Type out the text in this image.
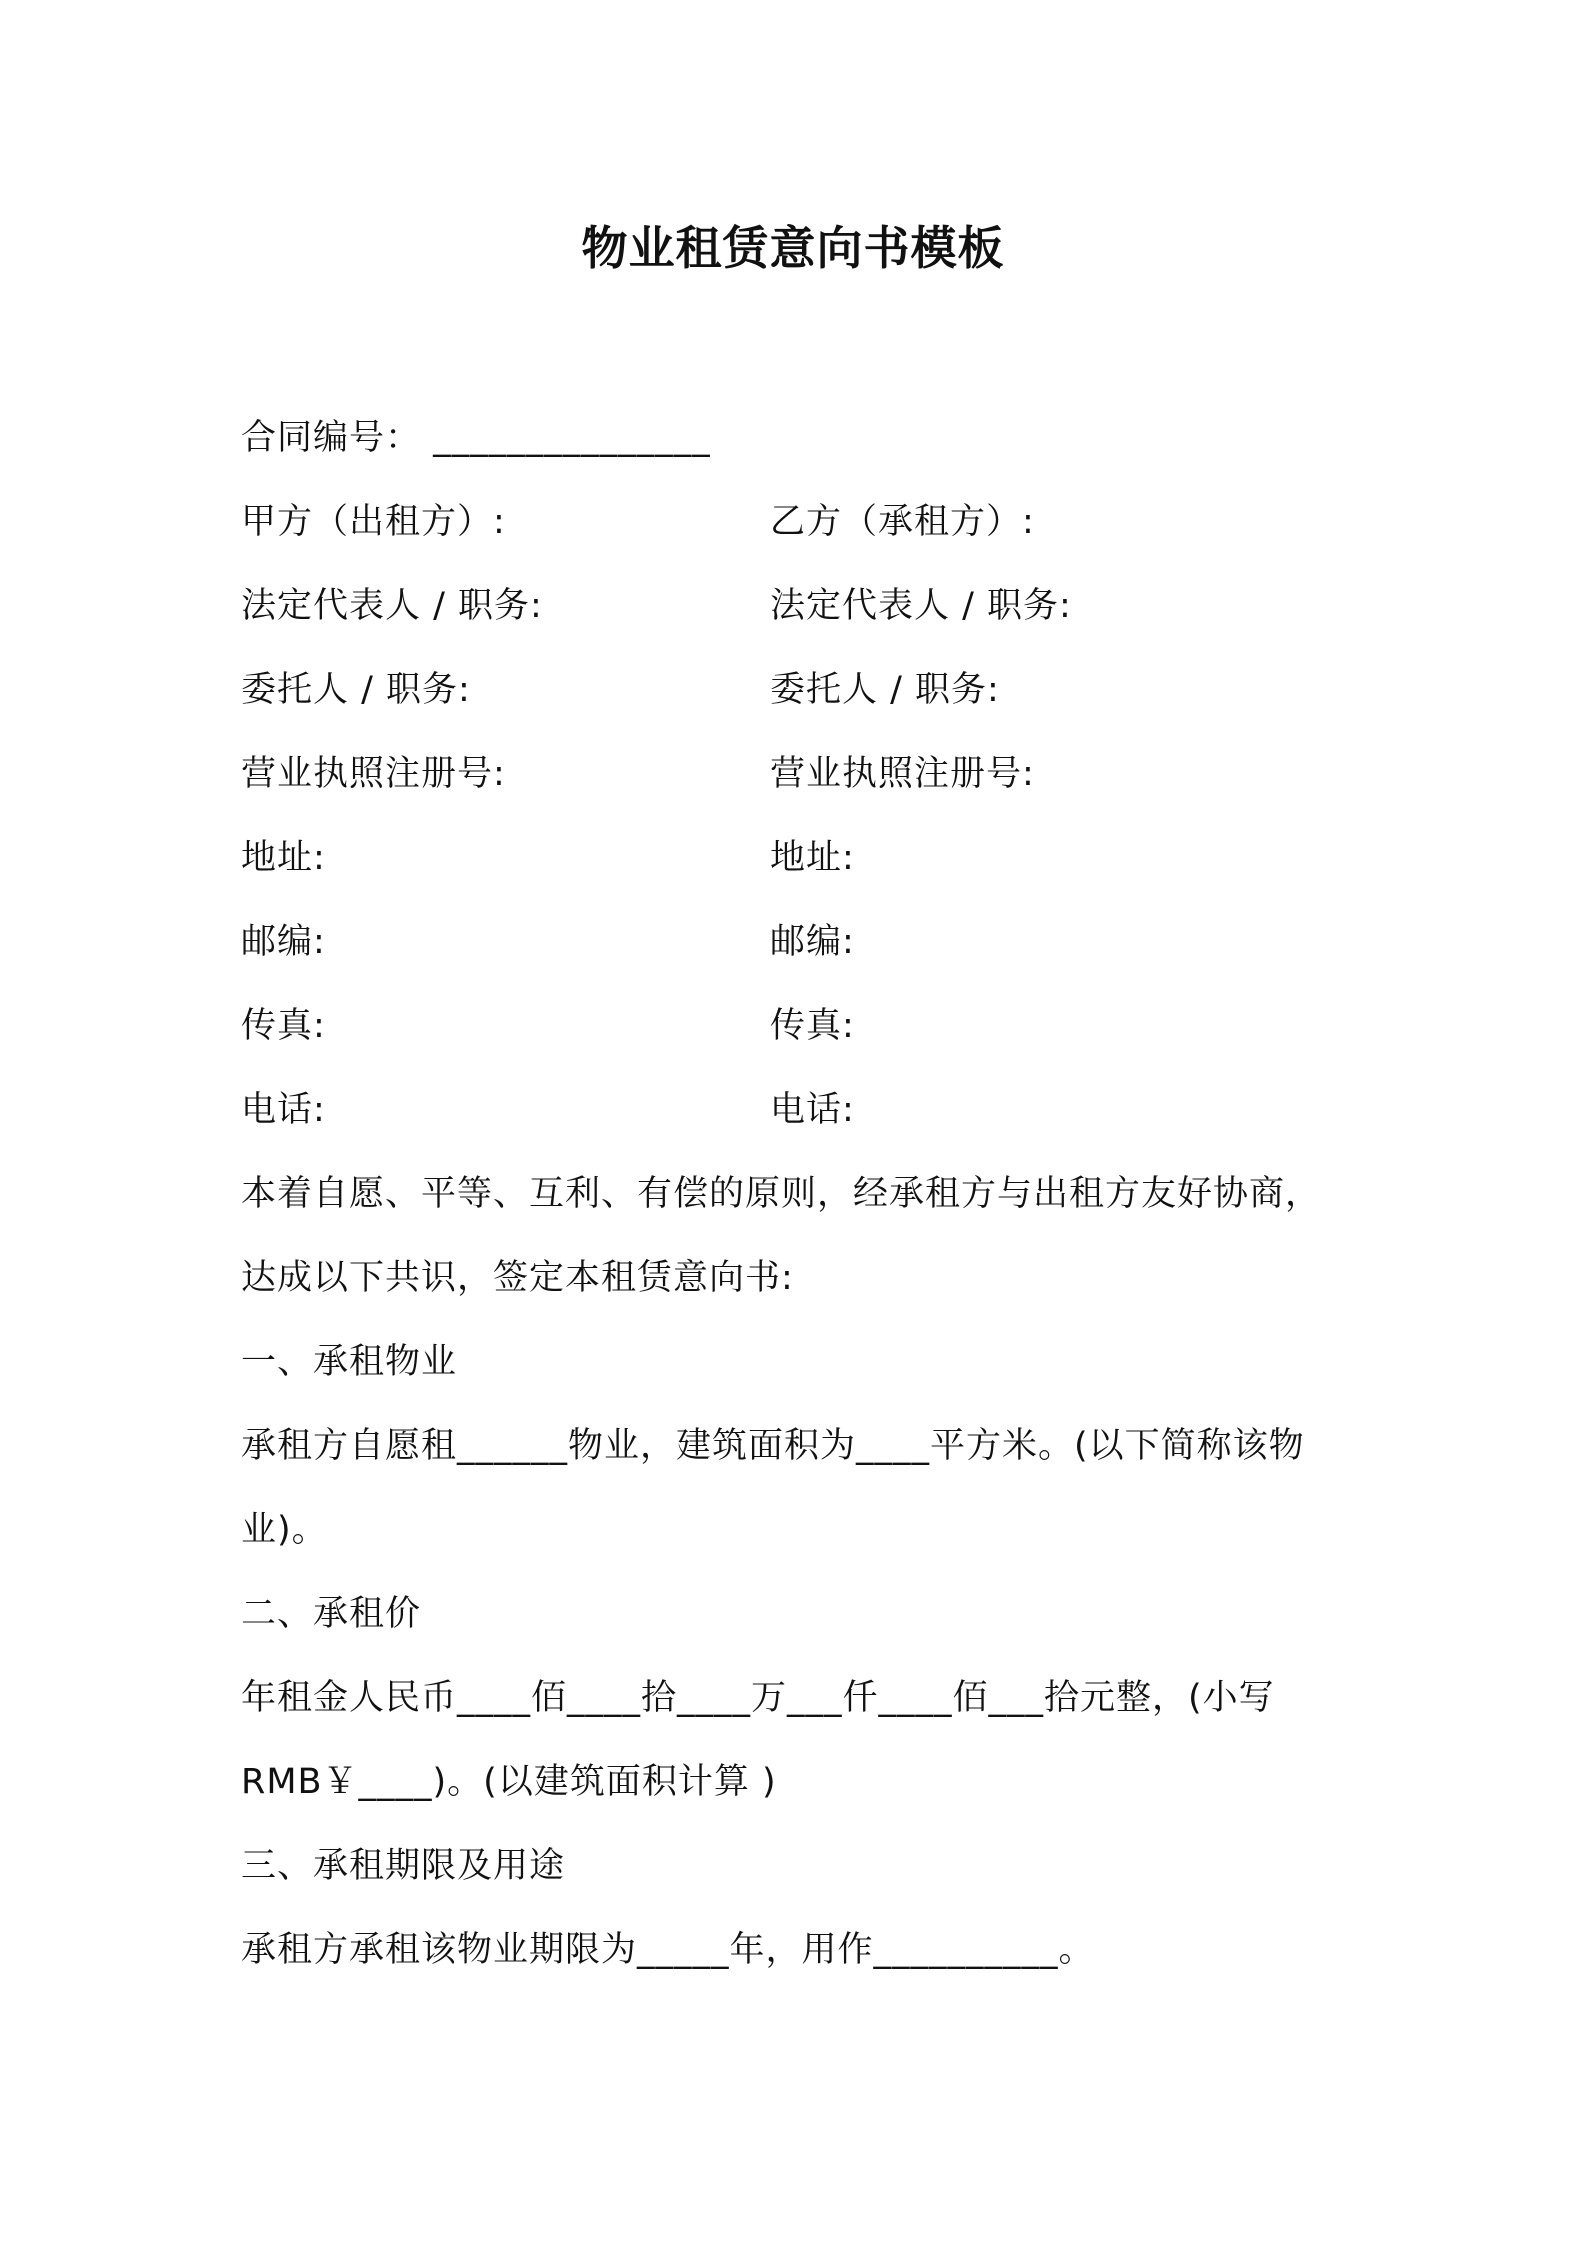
物业租赁意向书模板
合同编号： _______________
甲方（出租方）:	乙方（承租方）:
法定代表人 / 职务:	法定代表人 / 职务:
委托人 / 职务:	委托人 / 职务:
营业执照注册号:	营业执照注册号:
地址:	地址:
邮编:	邮编:
传真:	传真:
电话:	电话:
本着自愿、平等、互利、有偿的原则，经承租方与出租方友好协商，
达成以下共识，签定本租赁意向书:
一、承租物业
承租方自愿租______物业，建筑面积为____平方米。(以下简称该物
业)。
二、承租价
年租金人民币____佰____拾____万___仟____佰___拾元整，(小写
RMB￥____)。(以建筑面积计算 )
三、承租期限及用途
承租方承租该物业期限为_____年，用作__________。
